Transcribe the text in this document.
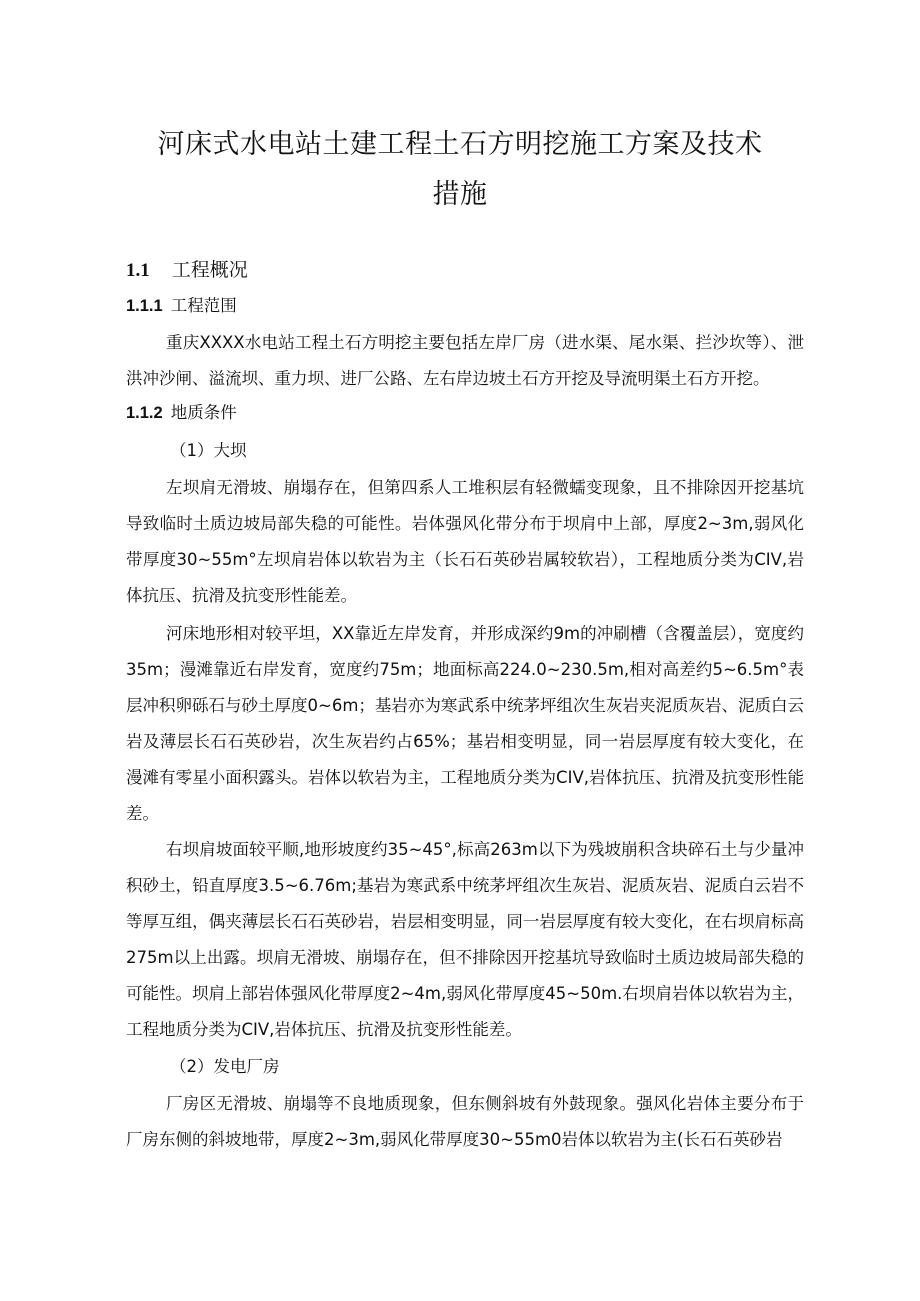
河床式水电站土建工程土石方明挖施工方案及技术
措施
1.1 工程概况
1.1.1 工程范围

重庆XXXX水电站工程土石方明挖主要包括左岸厂房（进水渠、尾水渠、拦沙坎等）、泄洪冲沙闸、溢流坝、重力坝、进厂公路、左右岸边坡土石方开挖及导流明渠土石方开挖。

1.1.2 地质条件

（1）大坝

左坝肩无滑坡、崩塌存在，但第四系人工堆积层有轻微蠕变现象，且不排除因开挖基坑导致临时土质边坡局部失稳的可能性。岩体强风化带分布于坝肩中上部，厚度2~3m,弱风化带厚度30~55m°左坝肩岩体以软岩为主（长石石英砂岩属较软岩），工程地质分类为CIV,岩体抗压、抗滑及抗变形性能差。

河床地形相对较平坦，XX靠近左岸发育，并形成深约9m的冲刷槽（含覆盖层），宽度约35m；漫滩靠近右岸发育，宽度约75m；地面标高224.0~230.5m,相对高差约5~6.5m°表层冲积卵砾石与砂土厚度0~6m；基岩亦为寒武系中统茅坪组次生灰岩夹泥质灰岩、泥质白云岩及薄层长石石英砂岩，次生灰岩约占65%；基岩相变明显，同一岩层厚度有较大变化，在漫滩有零星小面积露头。岩体以软岩为主，工程地质分类为CIV,岩体抗压、抗滑及抗变形性能差。

右坝肩坡面较平顺,地形坡度约35~45°,标高263m以下为残坡崩积含块碎石土与少量冲积砂土，铅直厚度3.5~6.76m;基岩为寒武系中统茅坪组次生灰岩、泥质灰岩、泥质白云岩不等厚互组，偶夹薄层长石石英砂岩，岩层相变明显，同一岩层厚度有较大变化，在右坝肩标高275m以上出露。坝肩无滑坡、崩塌存在，但不排除因开挖基坑导致临时土质边坡局部失稳的可能性。坝肩上部岩体强风化带厚度2~4m,弱风化带厚度45~50m.右坝肩岩体以软岩为主，工程地质分类为CIV,岩体抗压、抗滑及抗变形性能差。

（2）发电厂房

厂房区无滑坡、崩塌等不良地质现象，但东侧斜坡有外鼓现象。强风化岩体主要分布于厂房东侧的斜坡地带，厚度2~3m,弱风化带厚度30~55m0岩体以软岩为主(长石石英砂岩
